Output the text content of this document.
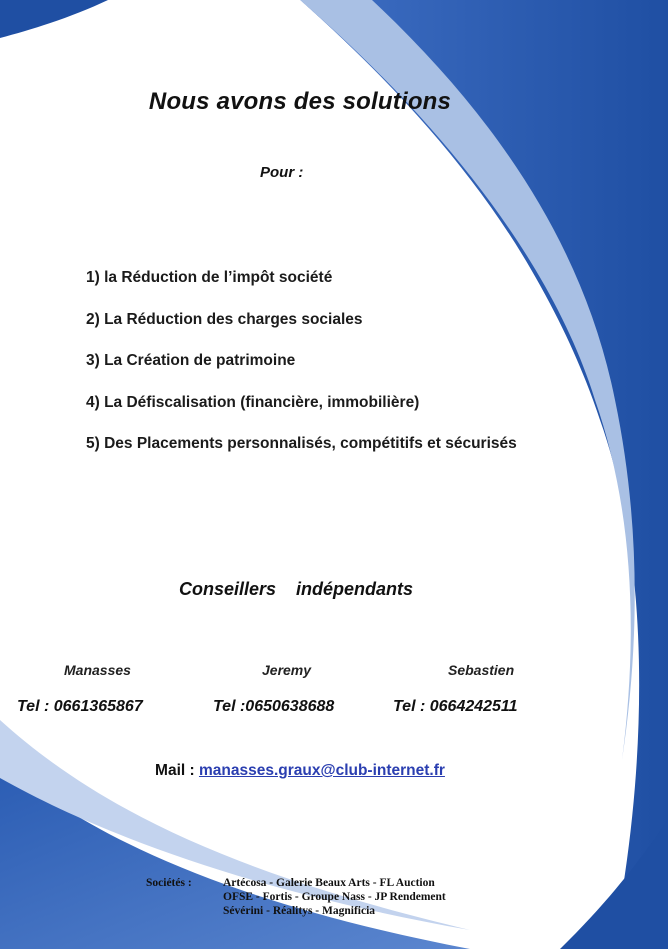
Nous avons des solutions
Pour :
1) la Réduction de l’impôt société
2) La Réduction des charges sociales
3) La Création de patrimoine
4) La Défiscalisation (financière, immobilière)
5) Des Placements personnalisés, compétitifs et sécurisés
Conseillers    indépendants
Manasses	Jeremy	Sebastien
Tel : 0661365867	Tel :0650638688	Tel : 0664242511
Mail : manasses.graux@club-internet.fr
Sociétés :	Artécosa - Galerie Beaux Arts - FL Auction
OFSE - Fortis - Groupe Nass - JP Rendement
Sévérini - Réalitys - Magnificia
